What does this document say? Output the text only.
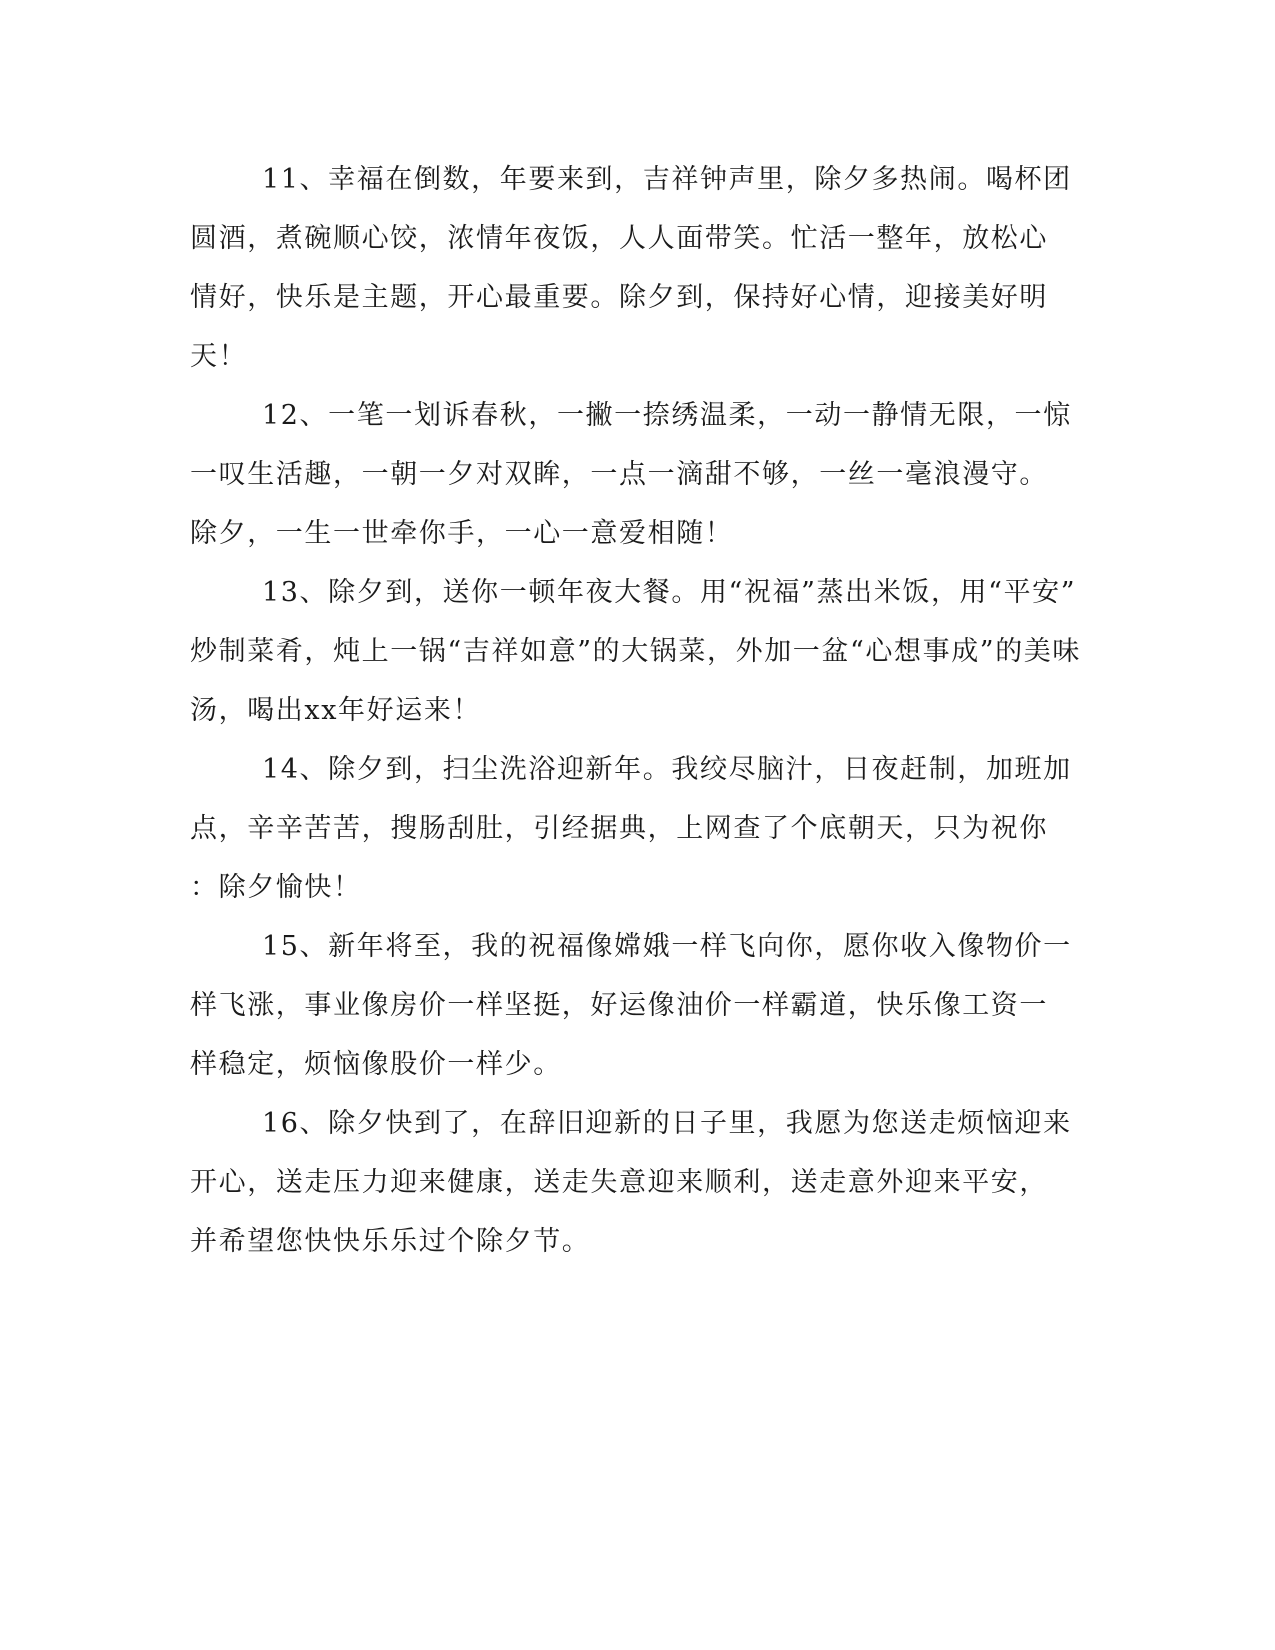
11、幸福在倒数，年要来到，吉祥钟声里，除夕多热闹。喝杯团
圆酒，煮碗顺心饺，浓情年夜饭，人人面带笑。忙活一整年，放松心
情好，快乐是主题，开心最重要。除夕到，保持好心情，迎接美好明
天！
12、一笔一划诉春秋，一撇一捺绣温柔，一动一静情无限，一惊
一叹生活趣，一朝一夕对双眸，一点一滴甜不够，一丝一毫浪漫守。
除夕，一生一世牵你手，一心一意爱相随！
13、除夕到，送你一顿年夜大餐。用“祝福”蒸出米饭，用“平安”
炒制菜肴，炖上一锅“吉祥如意”的大锅菜，外加一盆“心想事成”的美味
汤，喝出xx年好运来！
14、除夕到，扫尘洗浴迎新年。我绞尽脑汁，日夜赶制，加班加
点，辛辛苦苦，搜肠刮肚，引经据典，上网查了个底朝天，只为祝你
：除夕愉快！
15、新年将至，我的祝福像嫦娥一样飞向你，愿你收入像物价一
样飞涨，事业像房价一样坚挺，好运像油价一样霸道，快乐像工资一
样稳定，烦恼像股价一样少。
16、除夕快到了，在辞旧迎新的日子里，我愿为您送走烦恼迎来
开心，送走压力迎来健康，送走失意迎来顺利，送走意外迎来平安，
并希望您快快乐乐过个除夕节。
